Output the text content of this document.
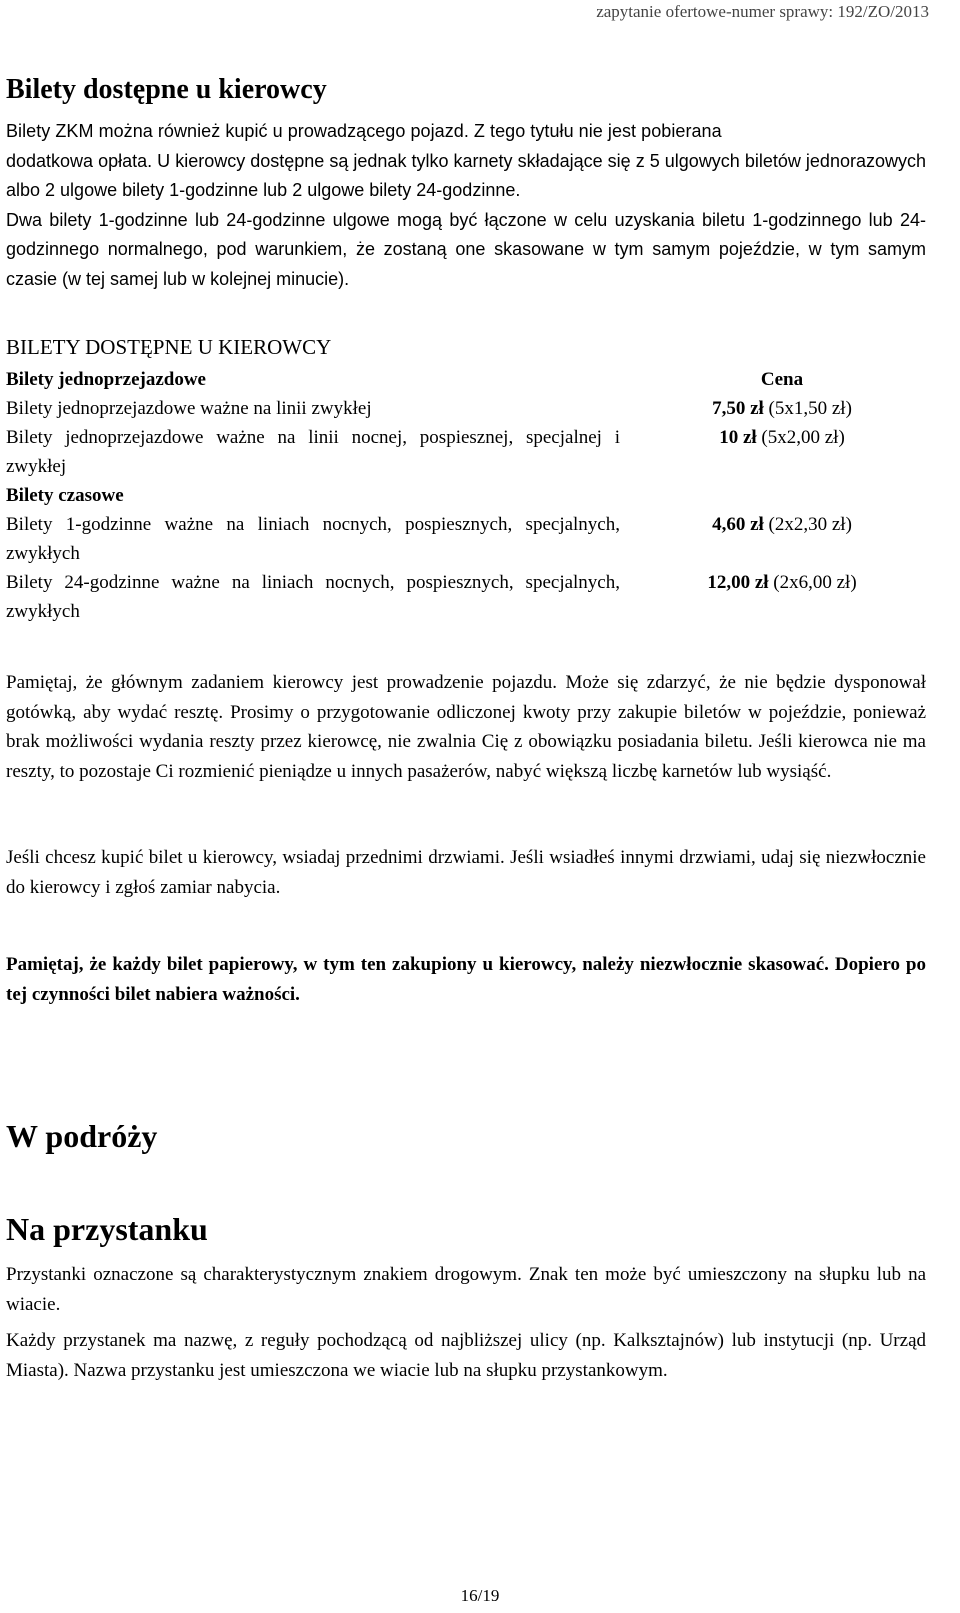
zapytanie ofertowe-numer sprawy: 192/ZO/2013
Bilety dostępne u kierowcy

Bilety ZKM można również kupić u prowadzącego pojazd. Z tego tytułu nie jest pobierana

dodatkowa opłata. U kierowcy dostępne są jednak tylko karnety składające się z 5 ulgowych biletów jednorazowych albo 2 ulgowe bilety 1-godzinne lub 2 ulgowe bilety 24-godzinne.

Dwa bilety 1-godzinne lub 24-godzinne ulgowe mogą być łączone w celu uzyskania biletu 1-godzinnego lub 24-godzinnego normalnego, pod warunkiem, że zostaną one skasowane w tym samym pojeździe, w tym samym czasie (w tej samej lub w kolejnej minucie).

BILETY DOSTĘPNE U KIEROWCY
Bilety jednoprzejazdowe	Cena
Bilety jednoprzejazdowe ważne na linii zwykłej	7,50 zł (5x1,50 zł)
Bilety jednoprzejazdowe ważne na linii nocnej, pospiesznej, specjalnej i zwykłej
10 zł (5x2,00 zł)
Bilety czasowe
Bilety 1-godzinne ważne na liniach nocnych, pospiesznych, specjalnych, zwykłych
4,60 zł (2x2,30 zł)
Bilety 24-godzinne ważne na liniach nocnych, pospiesznych, specjalnych, zwykłych
12,00 zł (2x6,00 zł)

Pamiętaj, że głównym zadaniem kierowcy jest prowadzenie pojazdu. Może się zdarzyć, że nie będzie dysponował gotówką, aby wydać resztę. Prosimy o przygotowanie odliczonej kwoty przy zakupie biletów w pojeździe, ponieważ brak możliwości wydania reszty przez kierowcę, nie zwalnia Cię z obowiązku posiadania biletu. Jeśli kierowca nie ma reszty, to pozostaje Ci rozmienić pieniądze u innych pasażerów, nabyć większą liczbę karnetów lub wysiąść.

Jeśli chcesz kupić bilet u kierowcy, wsiadaj przednimi drzwiami. Jeśli wsiadłeś innymi drzwiami, udaj się niezwłocznie do kierowcy i zgłoś zamiar nabycia.

Pamiętaj, że każdy bilet papierowy, w tym ten zakupiony u kierowcy, należy niezwłocznie skasować. Dopiero po tej czynności bilet nabiera ważności.

W podróży
Na przystanku

Przystanki oznaczone są charakterystycznym znakiem drogowym. Znak ten może być umieszczony na słupku lub na wiacie.

Każdy przystanek ma nazwę, z reguły pochodzącą od najbliższej ulicy (np. Kalksztajnów) lub instytucji (np. Urząd Miasta). Nazwa przystanku jest umieszczona we wiacie lub na słupku przystankowym.

16/19
